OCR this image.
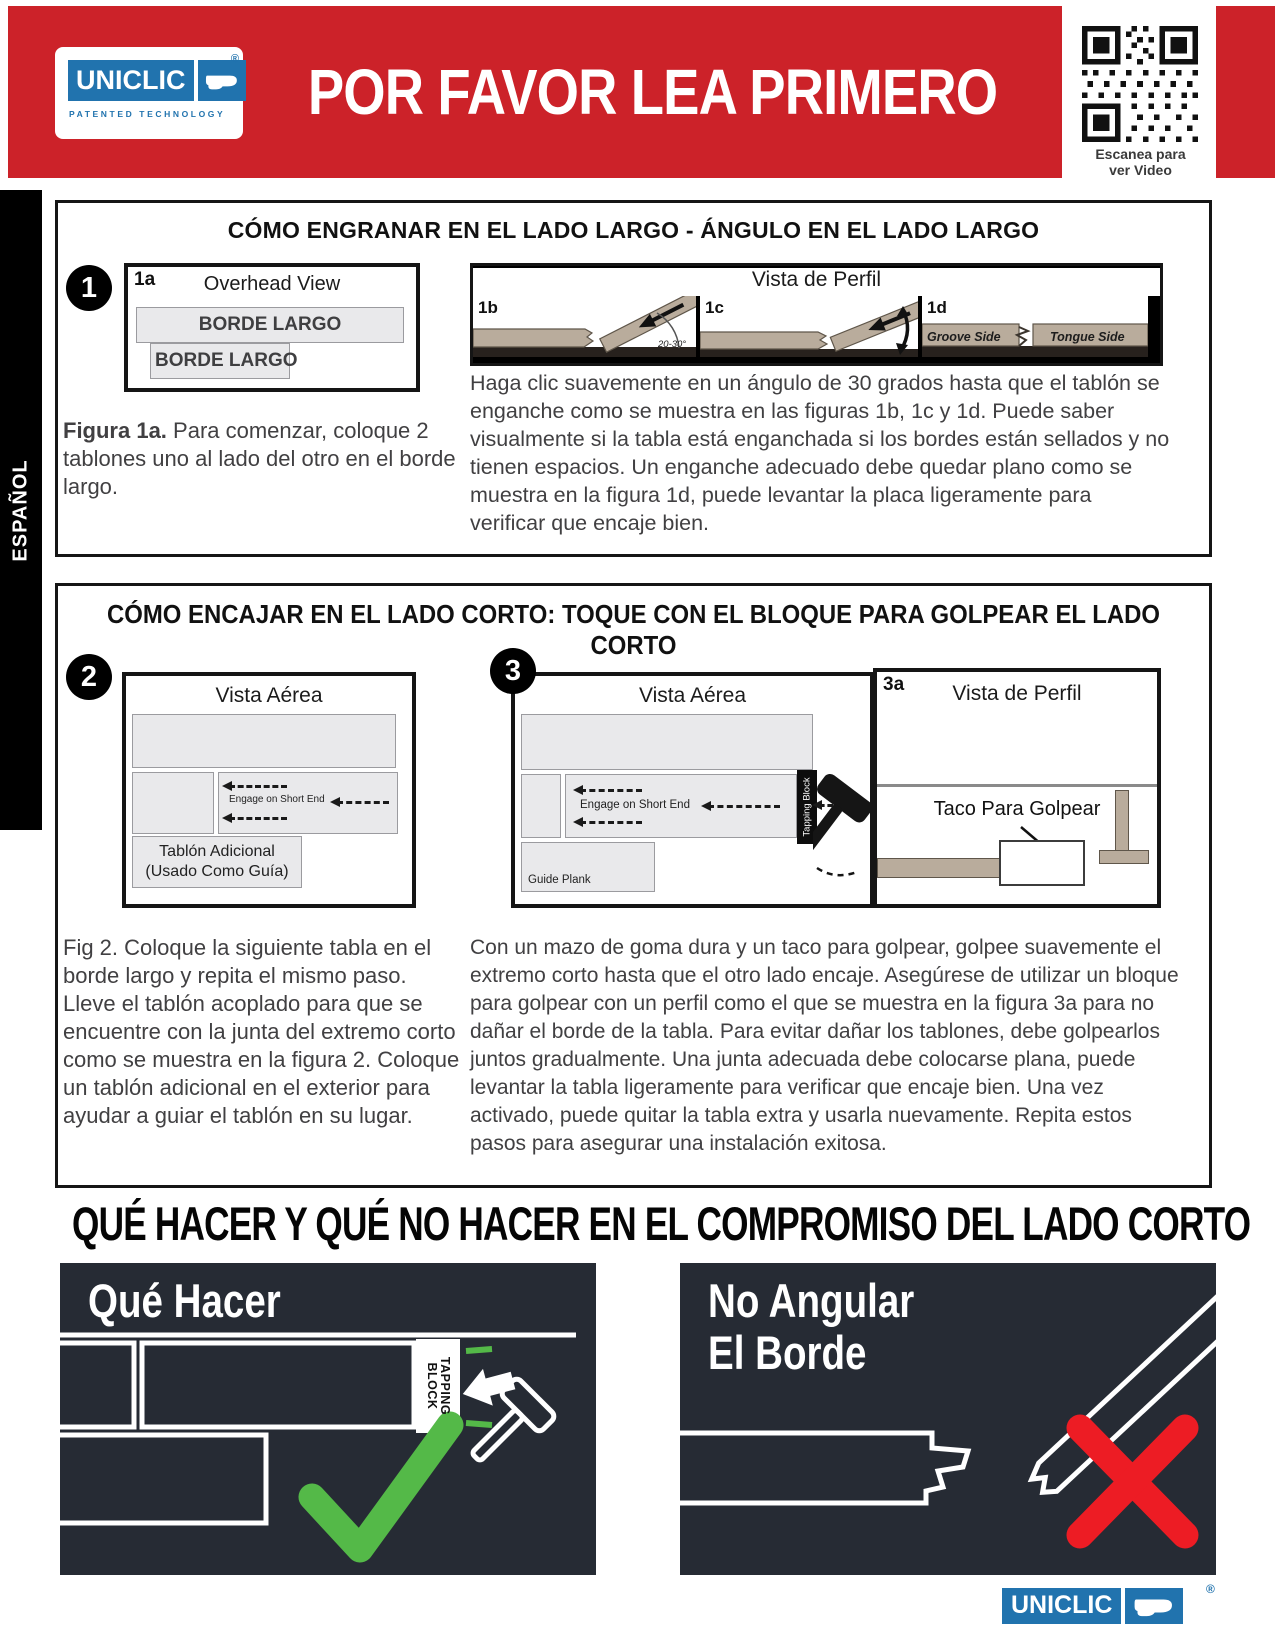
UNICLIC
®
PATENTED TECHNOLOGY POR FAVOR LEA PRIMERO
Escanea para
ver Video
ESPAÑOL
CÓMO ENGRANAR EN EL LADO LARGO - ÁNGULO EN EL LADO LARGO
1	1a	Overhead View
BORDE LARGO
BORDE LARGO
Figura 1a. Para comenzar, coloque 2 tablones uno al lado del otro en el borde largo.
Vista de Perfil
20-30°
1b	1c
Groove Side	Tongue Side
1d
Haga clic suavemente en un ángulo de 30 grados hasta que el tablón se enganche como se muestra en las figuras 1b, 1c y 1d. Puede saber visualmente si la tabla está enganchada si los bordes están sellados y no tienen espacios. Un enganche adecuado debe quedar plano como se muestra en la figura 1d, puede levantar la placa ligeramente para verificar que encaje bien.
CÓMO ENCAJAR EN EL LADO CORTO: TOQUE CON EL BLOQUE PARA GOLPEAR EL LADO CORTO
2
Vista Aérea
Engage on Short End
Tablón Adicional
(Usado Como Guía)
3
Vista Aérea
Engage on Short End	Tapping Block
Guide Plank
3a	Vista de Perfil
Taco Para Golpear
Fig 2. Coloque la siguiente tabla en el borde largo y repita el mismo paso. Lleve el tablón acoplado para que se encuentre con la junta del extremo corto como se muestra en la figura 2. Coloque un tablón adicional en el exterior para ayudar a guiar el tablón en su lugar.
Con un mazo de goma dura y un taco para golpear, golpee suavemente el extremo corto hasta que el otro lado encaje. Asegúrese de utilizar un bloque para golpear con un perfil como el que se muestra en la figura 3a para no dañar el borde de la tabla. Para evitar dañar los tablones, debe golpearlos juntos gradualmente. Una junta adecuada debe colocarse plana, puede levantar la tabla ligeramente para verificar que encaje bien. Una vez activado, puede quitar la tabla extra y usarla nuevamente. Repita estos pasos para asegurar una instalación exitosa.
QUÉ HACER Y QUÉ NO HACER EN EL COMPROMISO DEL LADO CORTO
Qué Hacer
TAPPING
BLOCK
No Angular
El Borde
UNICLIC
®
